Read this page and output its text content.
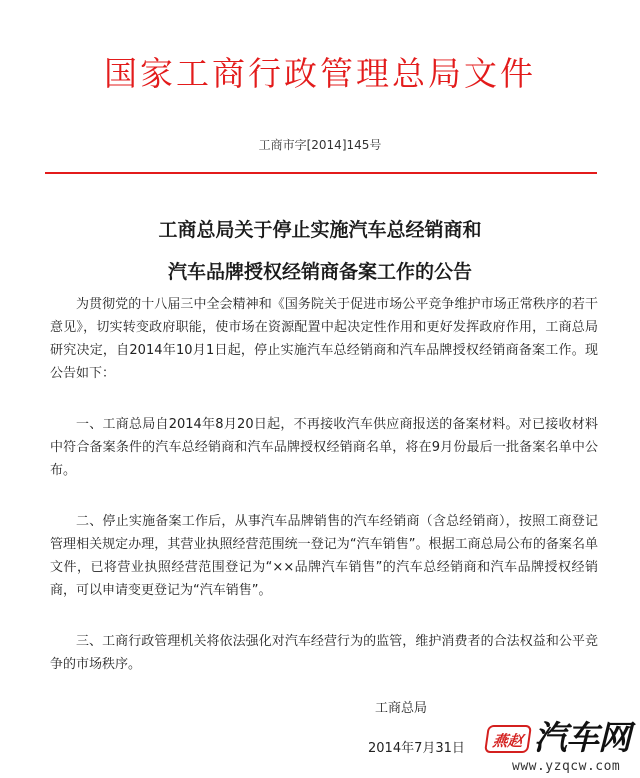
国家工商行政管理总局文件
工商市字[2014]145号
工商总局关于停止实施汽车总经销商和
汽车品牌授权经销商备案工作的公告

为贯彻党的十八届三中全会精神和《国务院关于促进市场公平竞争维护市场正常秩序的若干意见》，切实转变政府职能，使市场在资源配置中起决定性作用和更好发挥政府作用，工商总局研究决定，自2014年10月1日起，停止实施汽车总经销商和汽车品牌授权经销商备案工作。现公告如下：

一、工商总局自2014年8月20日起，不再接收汽车供应商报送的备案材料。对已接收材料中符合备案条件的汽车总经销商和汽车品牌授权经销商名单，将在9月份最后一批备案名单中公布。

二、停止实施备案工作后，从事汽车品牌销售的汽车经销商（含总经销商），按照工商登记管理相关规定办理，其营业执照经营范围统一登记为“汽车销售”。根据工商总局公布的备案名单文件，已将营业执照经营范围登记为“××品牌汽车销售”的汽车总经销商和汽车品牌授权经销商，可以申请变更登记为“汽车销售”。

三、工商行政管理机关将依法强化对汽车经营行为的监管，维护消费者的合法权益和公平竞争的市场秩序。

工商总局
2014年7月31日	燕赵 汽车网
www.yzqcw.com
